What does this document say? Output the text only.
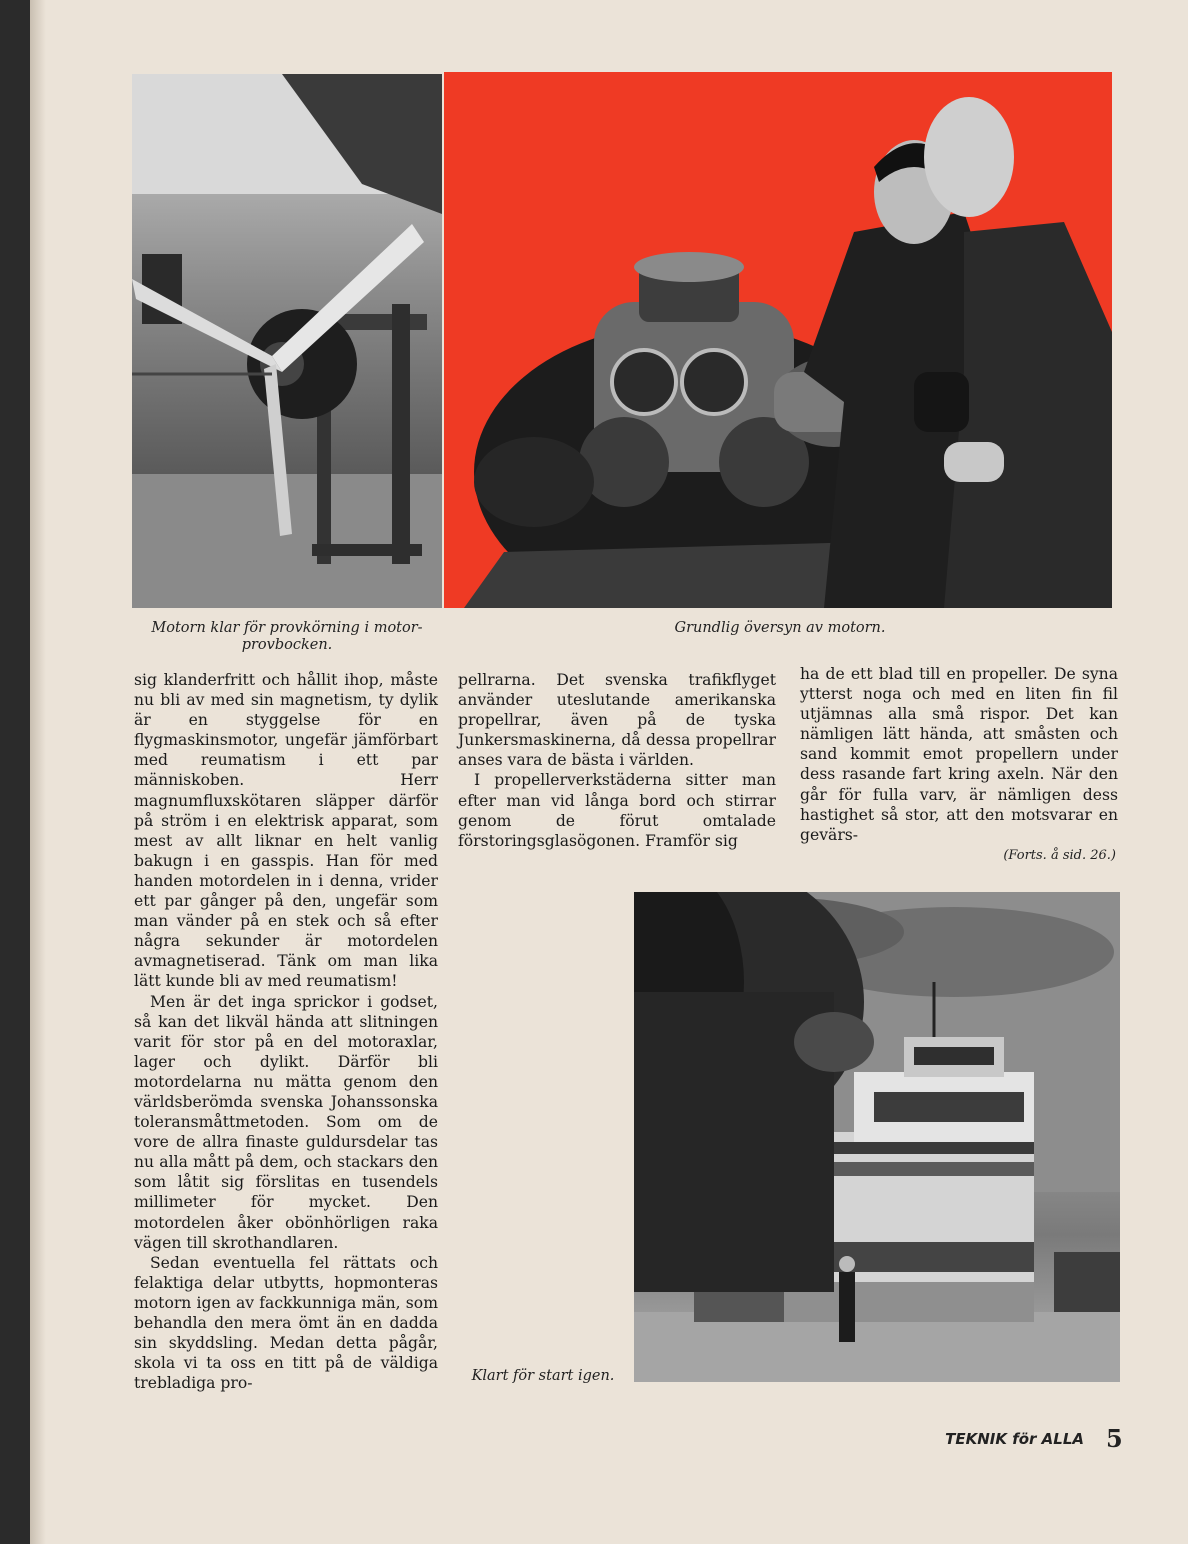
Motorn klar för provkörning i motor-provbocken.
Grundlig översyn av motorn.
Klart för start igen.

sig klanderfritt och hållit ihop, måste nu bli av med sin magnetism, ty dylik är en styggelse för en flygmaskinsmotor, ungefär jämförbart med reumatism i ett par människoben. Herr magnumfluxskötaren släpper därför på ström i en elektrisk apparat, som mest av allt liknar en helt vanlig bakugn i en gasspis. Han för med handen motordelen in i denna, vrider ett par gånger på den, ungefär som man vänder på en stek och så efter några sekunder är motordelen avmagnetiserad. Tänk om man lika lätt kunde bli av med reumatism!

Men är det inga sprickor i godset, så kan det likväl hända att slitningen varit för stor på en del motoraxlar, lager och dylikt. Därför bli motordelarna nu mätta genom den världsberömda svenska Johanssonska toleransmåttmetoden. Som om de vore de allra finaste guldursdelar tas nu alla mått på dem, och stackars den som låtit sig förslitas en tusendels millimeter för mycket. Den motordelen åker obönhörligen raka vägen till skrothandlaren.

Sedan eventuella fel rättats och felaktiga delar utbytts, hopmonteras motorn igen av fackkunniga män, som behandla den mera ömt än en dadda sin skyddsling. Medan detta pågår, skola vi ta oss en titt på de väldiga trebladiga pro-

pellrarna. Det svenska trafikflyget använder uteslutande amerikanska propellrar, även på de tyska Junkersmaskinerna, då dessa propellrar anses vara de bästa i världen.

I propellerverkstäderna sitter man efter man vid långa bord och stirrar genom de förut omtalade förstoringsglasögonen. Framför sig

ha de ett blad till en propeller. De syna ytterst noga och med en liten fin fil utjämnas alla små rispor. Det kan nämligen lätt hända, att småsten och sand kommit emot propellern under dess rasande fart kring axeln. När den går för fulla varv, är nämligen dess hastighet så stor, att den motsvarar en gevärs-

(Forts. å sid. 26.)
TEKNIK för ALLA 5
